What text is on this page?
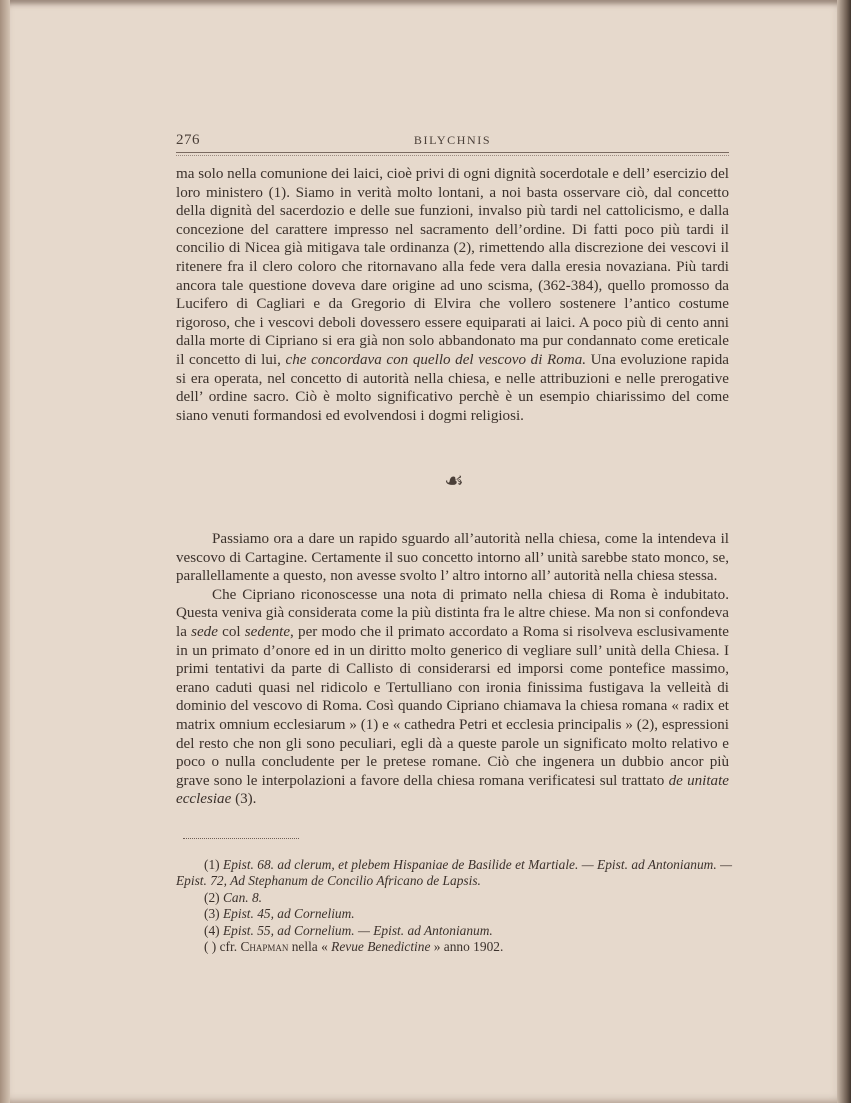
276	BILYCHNIS

ma solo nella comunione dei laici, cioè privi di ogni dignità socerdotale e dell’ esercizio del loro ministero (1). Siamo in verità molto lontani, a noi basta osservare ciò, dal concetto della dignità del sacerdozio e delle sue funzioni, invalso più tardi nel cattolicismo, e dalla concezione del carattere impresso nel sacramento dell’ordine. Di fatti poco più tardi il concilio di Nicea già mitigava tale ordinanza (2), rimettendo alla discrezione dei vescovi il ritenere fra il clero coloro che ritornavano alla fede vera dalla eresia novaziana. Più tardi ancora tale questione doveva dare origine ad uno scisma, (362-384), quello promosso da Lucifero di Cagliari e da Gregorio di Elvira che vollero sostenere l’antico costume rigoroso, che i vescovi deboli dovessero essere equiparati ai laici. A poco più di cento anni dalla morte di Cipriano si era già non solo abbandonato ma pur condannato come ereticale il concetto di lui, che concordava con quello del vescovo di Roma. Una evoluzione rapida si era operata, nel concetto di autorità nella chiesa, e nelle attribuzioni e nelle prerogative dell’ ordine sacro. Ciò è molto significativo perchè è un esempio chiarissimo del come siano venuti formandosi ed evolvendosi i dogmi religiosi.

☙

Passiamo ora a dare un rapido sguardo all’autorità nella chiesa, come la intendeva il vescovo di Cartagine. Certamente il suo concetto intorno all’ unità sarebbe stato monco, se, parallellamente a questo, non avesse svolto l’ altro intorno all’ autorità nella chiesa stessa.

Che Cipriano riconoscesse una nota di primato nella chiesa di Roma è indubitato. Questa veniva già considerata come la più distinta fra le altre chiese. Ma non si confondeva la sede col sedente, per modo che il primato accordato a Roma si risolveva esclusivamente in un primato d’onore ed in un diritto molto generico di vegliare sull’ unità della Chiesa. I primi tentativi da parte di Callisto di considerarsi ed imporsi come pontefice massimo, erano caduti quasi nel ridicolo e Tertulliano con ironia finissima fustigava la velleità di dominio del vescovo di Roma. Così quando Cipriano chiamava la chiesa romana « radix et matrix omnium ecclesiarum » (1) e « cathedra Petri et ecclesia principalis » (2), espressioni del resto che non gli sono peculiari, egli dà a queste parole un significato molto relativo e poco o nulla concludente per le pretese romane. Ciò che ingenera un dubbio ancor più grave sono le interpolazioni a favore della chiesa romana verificatesi sul trattato de unitate ecclesiae (3).

(1) Epist. 68. ad clerum, et plebem Hispaniae de Basilide et Martiale. — Epist. ad Antonianum. — Epist. 72, Ad Stephanum de Concilio Africano de Lapsis.
(2) Can. 8.
(3) Epist. 45, ad Cornelium.
(4) Epist. 55, ad Cornelium. — Epist. ad Antonianum.
( ) cfr. Chapman nella « Revue Benedictine » anno 1902.
